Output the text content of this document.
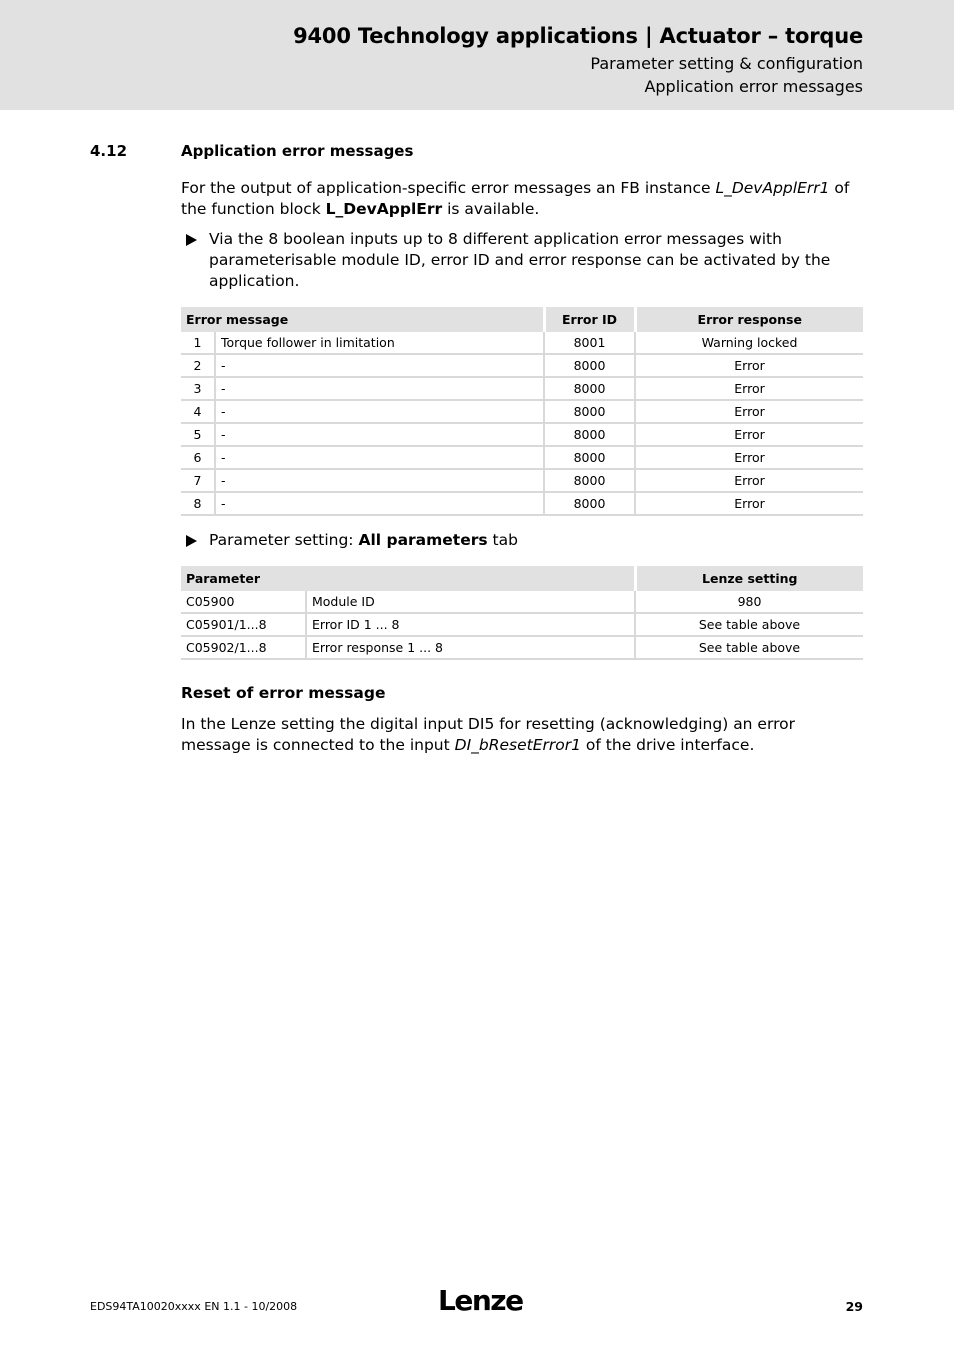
9400 Technology applications | Actuator – torque
Parameter setting & configuration
Application error messages
4.12	Application error messages
For the output of application-specific error messages an FB instance L_DevApplErr1 of the function block L_DevApplErr is available.
Via the 8 boolean inputs up to 8 different application error messages with parameterisable module ID, error ID and error response can be activated by the application.
Error message		Error ID	Error response
1	Torque follower in limitation	8001	Warning locked
2	-	8000	Error
3	-	8000	Error
4	-	8000	Error
5	-	8000	Error
6	-	8000	Error
7	-	8000	Error
8	-	8000	Error
Parameter setting: All parameters tab
Parameter		Lenze setting
C05900	Module ID	980
C05901/1...8	Error ID 1 ... 8	See table above
C05902/1...8	Error response 1 ... 8	See table above
Reset of error message
In the Lenze setting the digital input DI5 for resetting (acknowledging) an error message is connected to the input DI_bResetError1 of the drive interface.
EDS94TA10020xxxx EN 1.1 - 10/2008	Lenze	29
